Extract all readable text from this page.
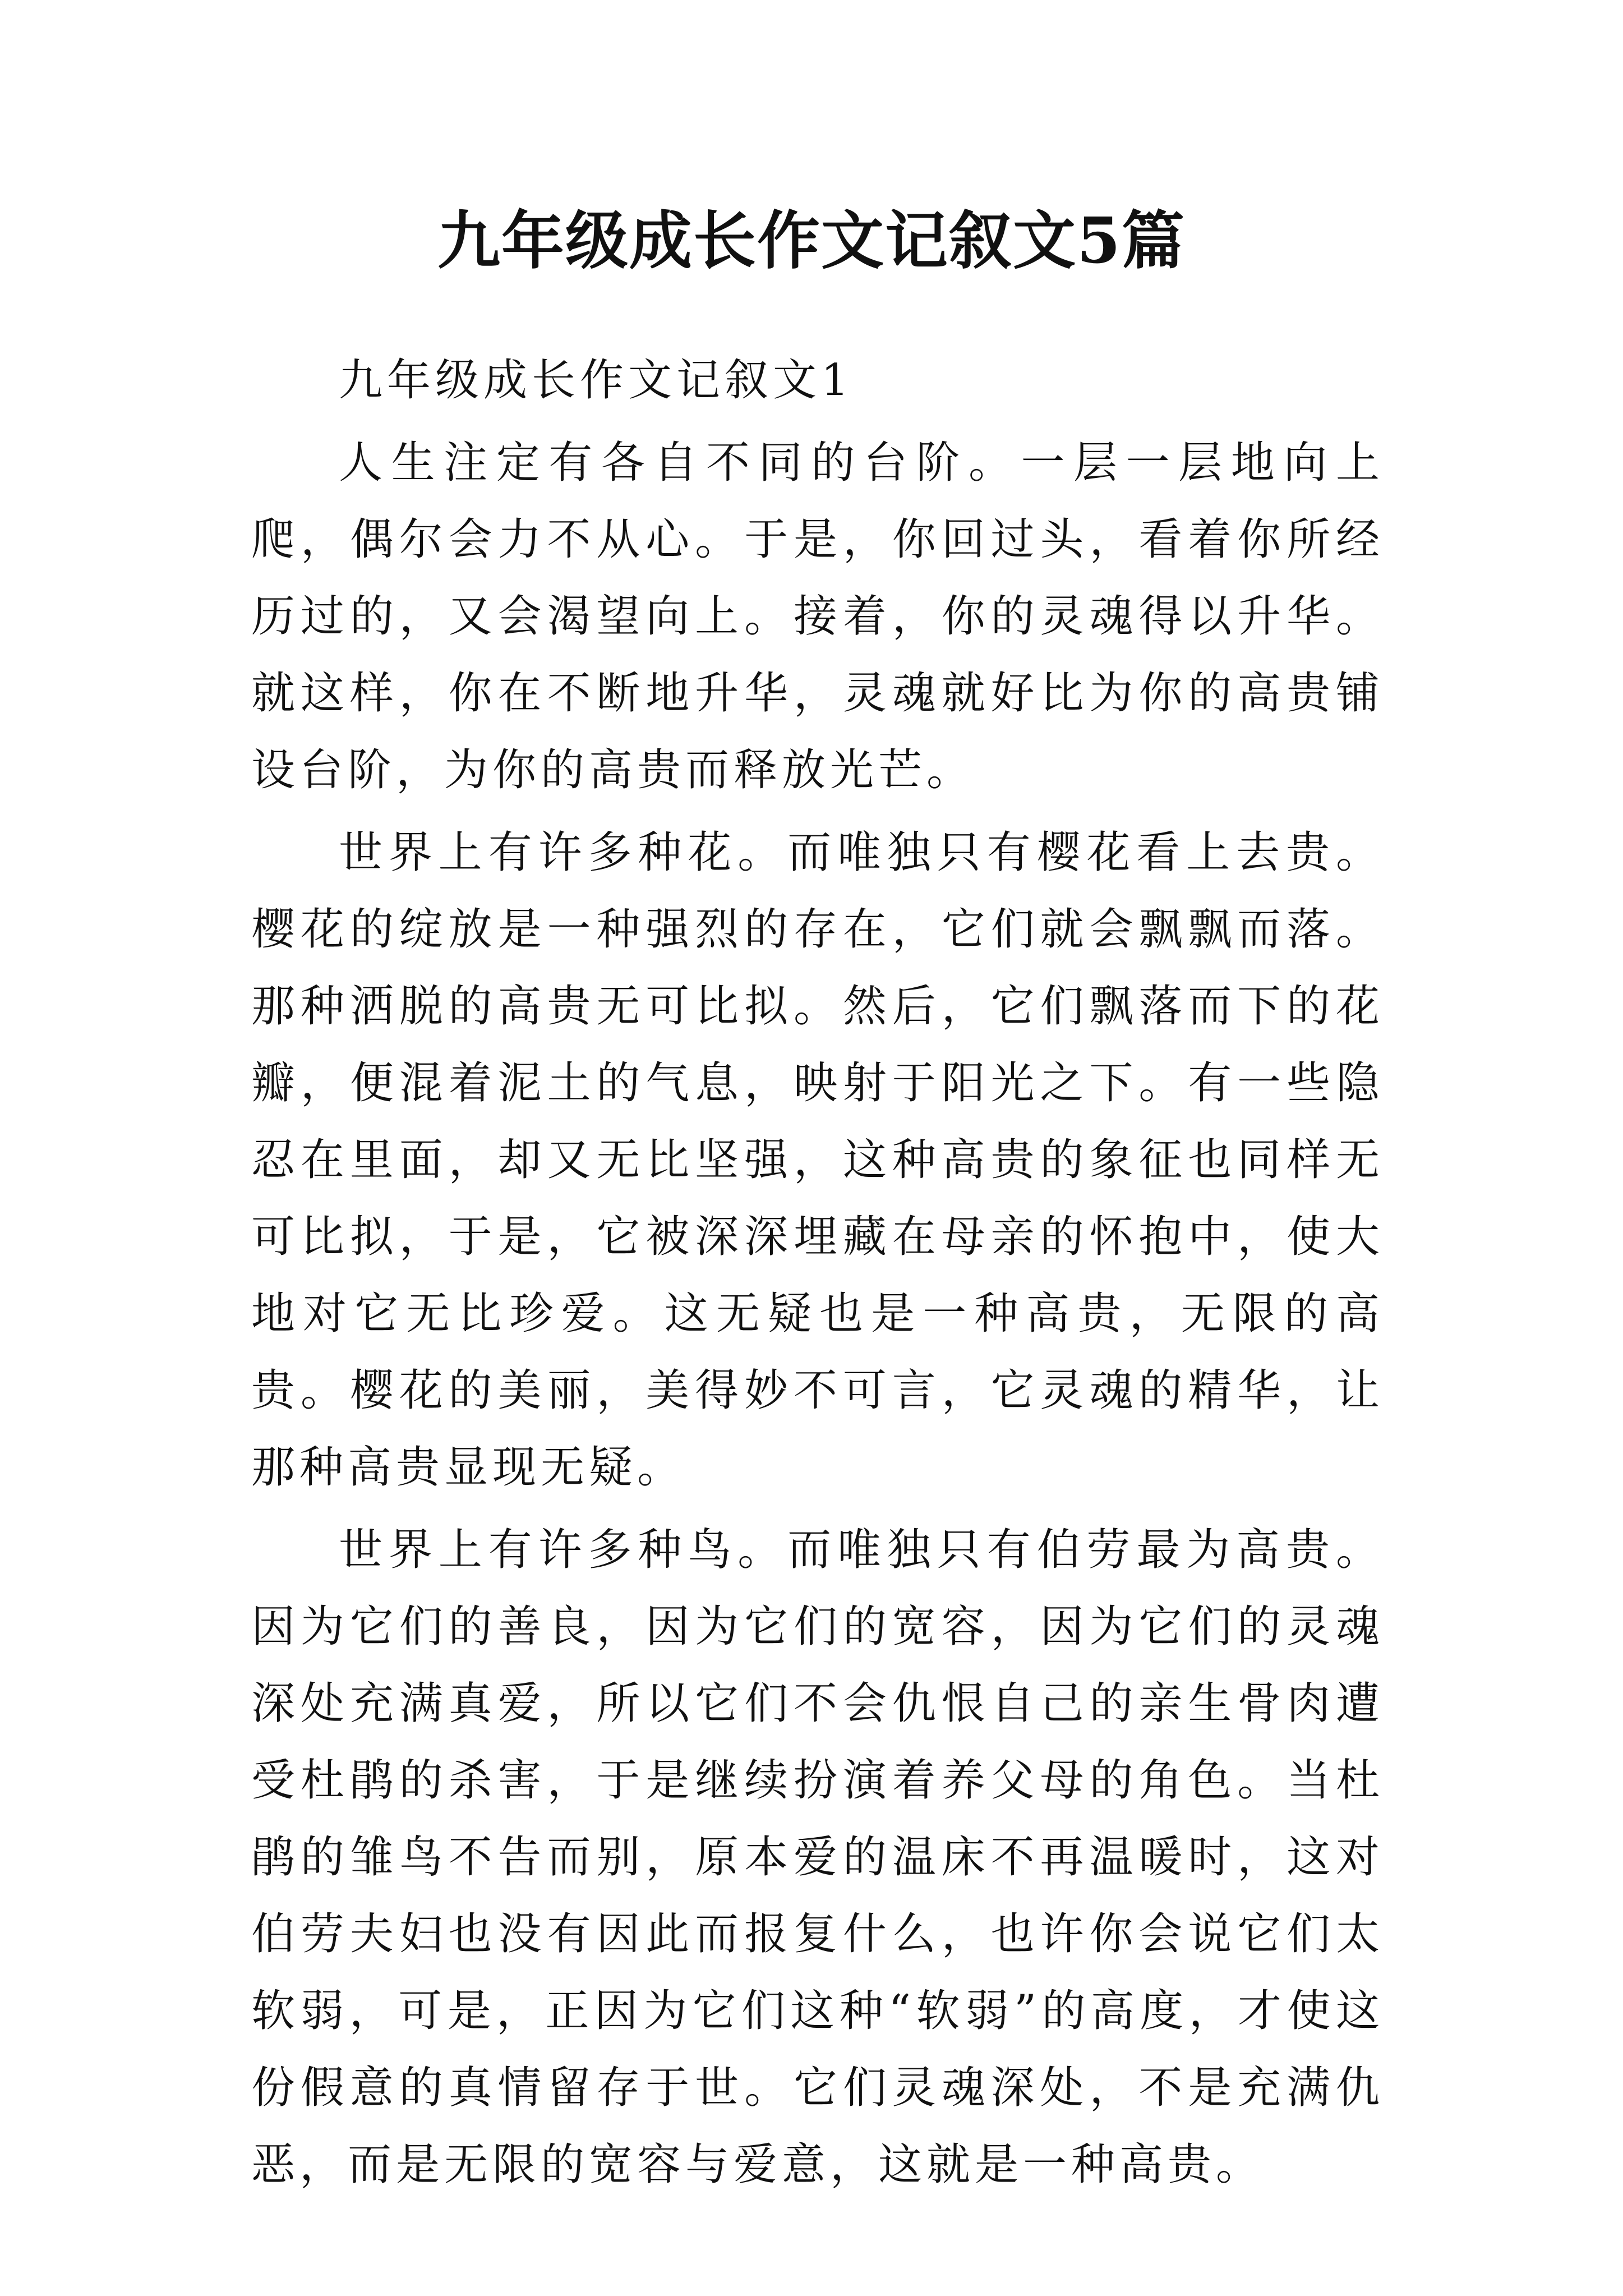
九年级成长作文记叙文5篇

九年级成长作文记叙文1

人生注定有各自不同的台阶。一层一层地向上爬，偶尔会力不从心。于是，你回过头，看着你所经历过的，又会渴望向上。接着，你的灵魂得以升华。就这样，你在不断地升华，灵魂就好比为你的高贵铺设台阶，为你的高贵而释放光芒。

世界上有许多种花。而唯独只有樱花看上去贵。樱花的绽放是一种强烈的存在，它们就会飘飘而落。那种洒脱的高贵无可比拟。然后，它们飘落而下的花瓣，便混着泥土的气息，映射于阳光之下。有一些隐忍在里面，却又无比坚强，这种高贵的象征也同样无可比拟，于是，它被深深埋藏在母亲的怀抱中，使大地对它无比珍爱。这无疑也是一种高贵，无限的高贵。樱花的美丽，美得妙不可言，它灵魂的精华，让那种高贵显现无疑。

世界上有许多种鸟。而唯独只有伯劳最为高贵。因为它们的善良，因为它们的宽容，因为它们的灵魂深处充满真爱，所以它们不会仇恨自己的亲生骨肉遭受杜鹃的杀害，于是继续扮演着养父母的角色。当杜鹃的雏鸟不告而别，原本爱的温床不再温暖时，这对伯劳夫妇也没有因此而报复什么，也许你会说它们太软弱，可是，正因为它们这种“软弱”的高度，才使这份假意的真情留存于世。它们灵魂深处，不是充满仇恶，而是无限的宽容与爱意，这就是一种高贵。
